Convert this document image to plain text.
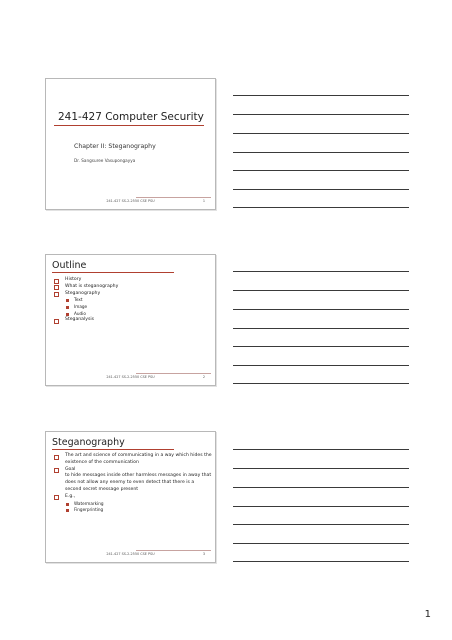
241-427 Computer Security
Chapter II: Steganography
Dr. Sangsuree Vasupongayya
241-427 SS-2-2550 CSE PSU	1
Outline
History
What is steganography
Steganography
Text
Image
Audio
Steganalysis
241-427 SS-2-2550 CSE PSU	2
Steganography
The art and science of communicating in a way which hides the existence of the communication
Goal
to hide messages inside other harmless messages in away that does not allow any enemy to even detect that there is a second secret message present
E.g.,
Watermarking
Fingerprinting
241-427 SS-2-2550 CSE PSU	3
1
